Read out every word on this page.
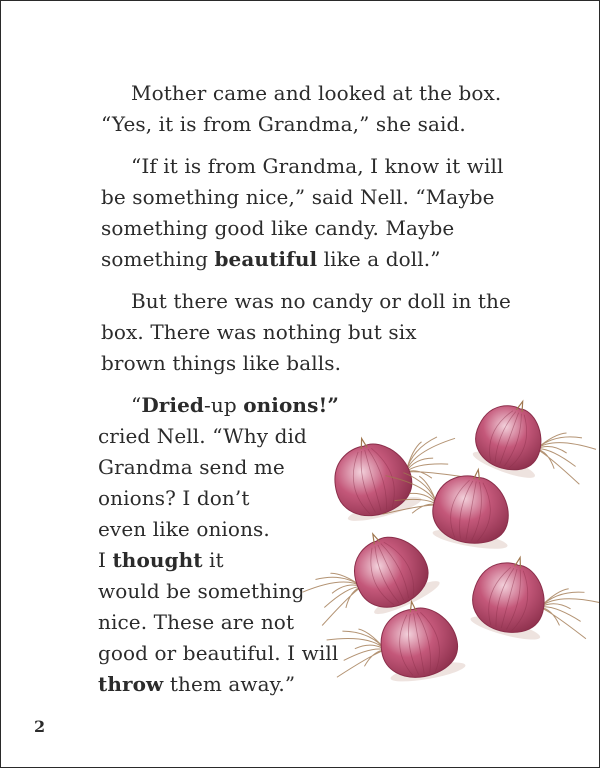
Mother came and looked at the box.
“Yes, it is from Grandma,” she said.
“If it is from Grandma, I know it will
be something nice,” said Nell. “Maybe
something good like candy. Maybe
something beautiful like a doll.”
But there was no candy or doll in the
box. There was nothing but six
brown things like balls.
“Dried-up onions!”
cried Nell. “Why did
Grandma send me
onions? I don’t
even like onions.
I thought it
would be something
nice. These are not
good or beautiful. I will
throw them away.”
2
